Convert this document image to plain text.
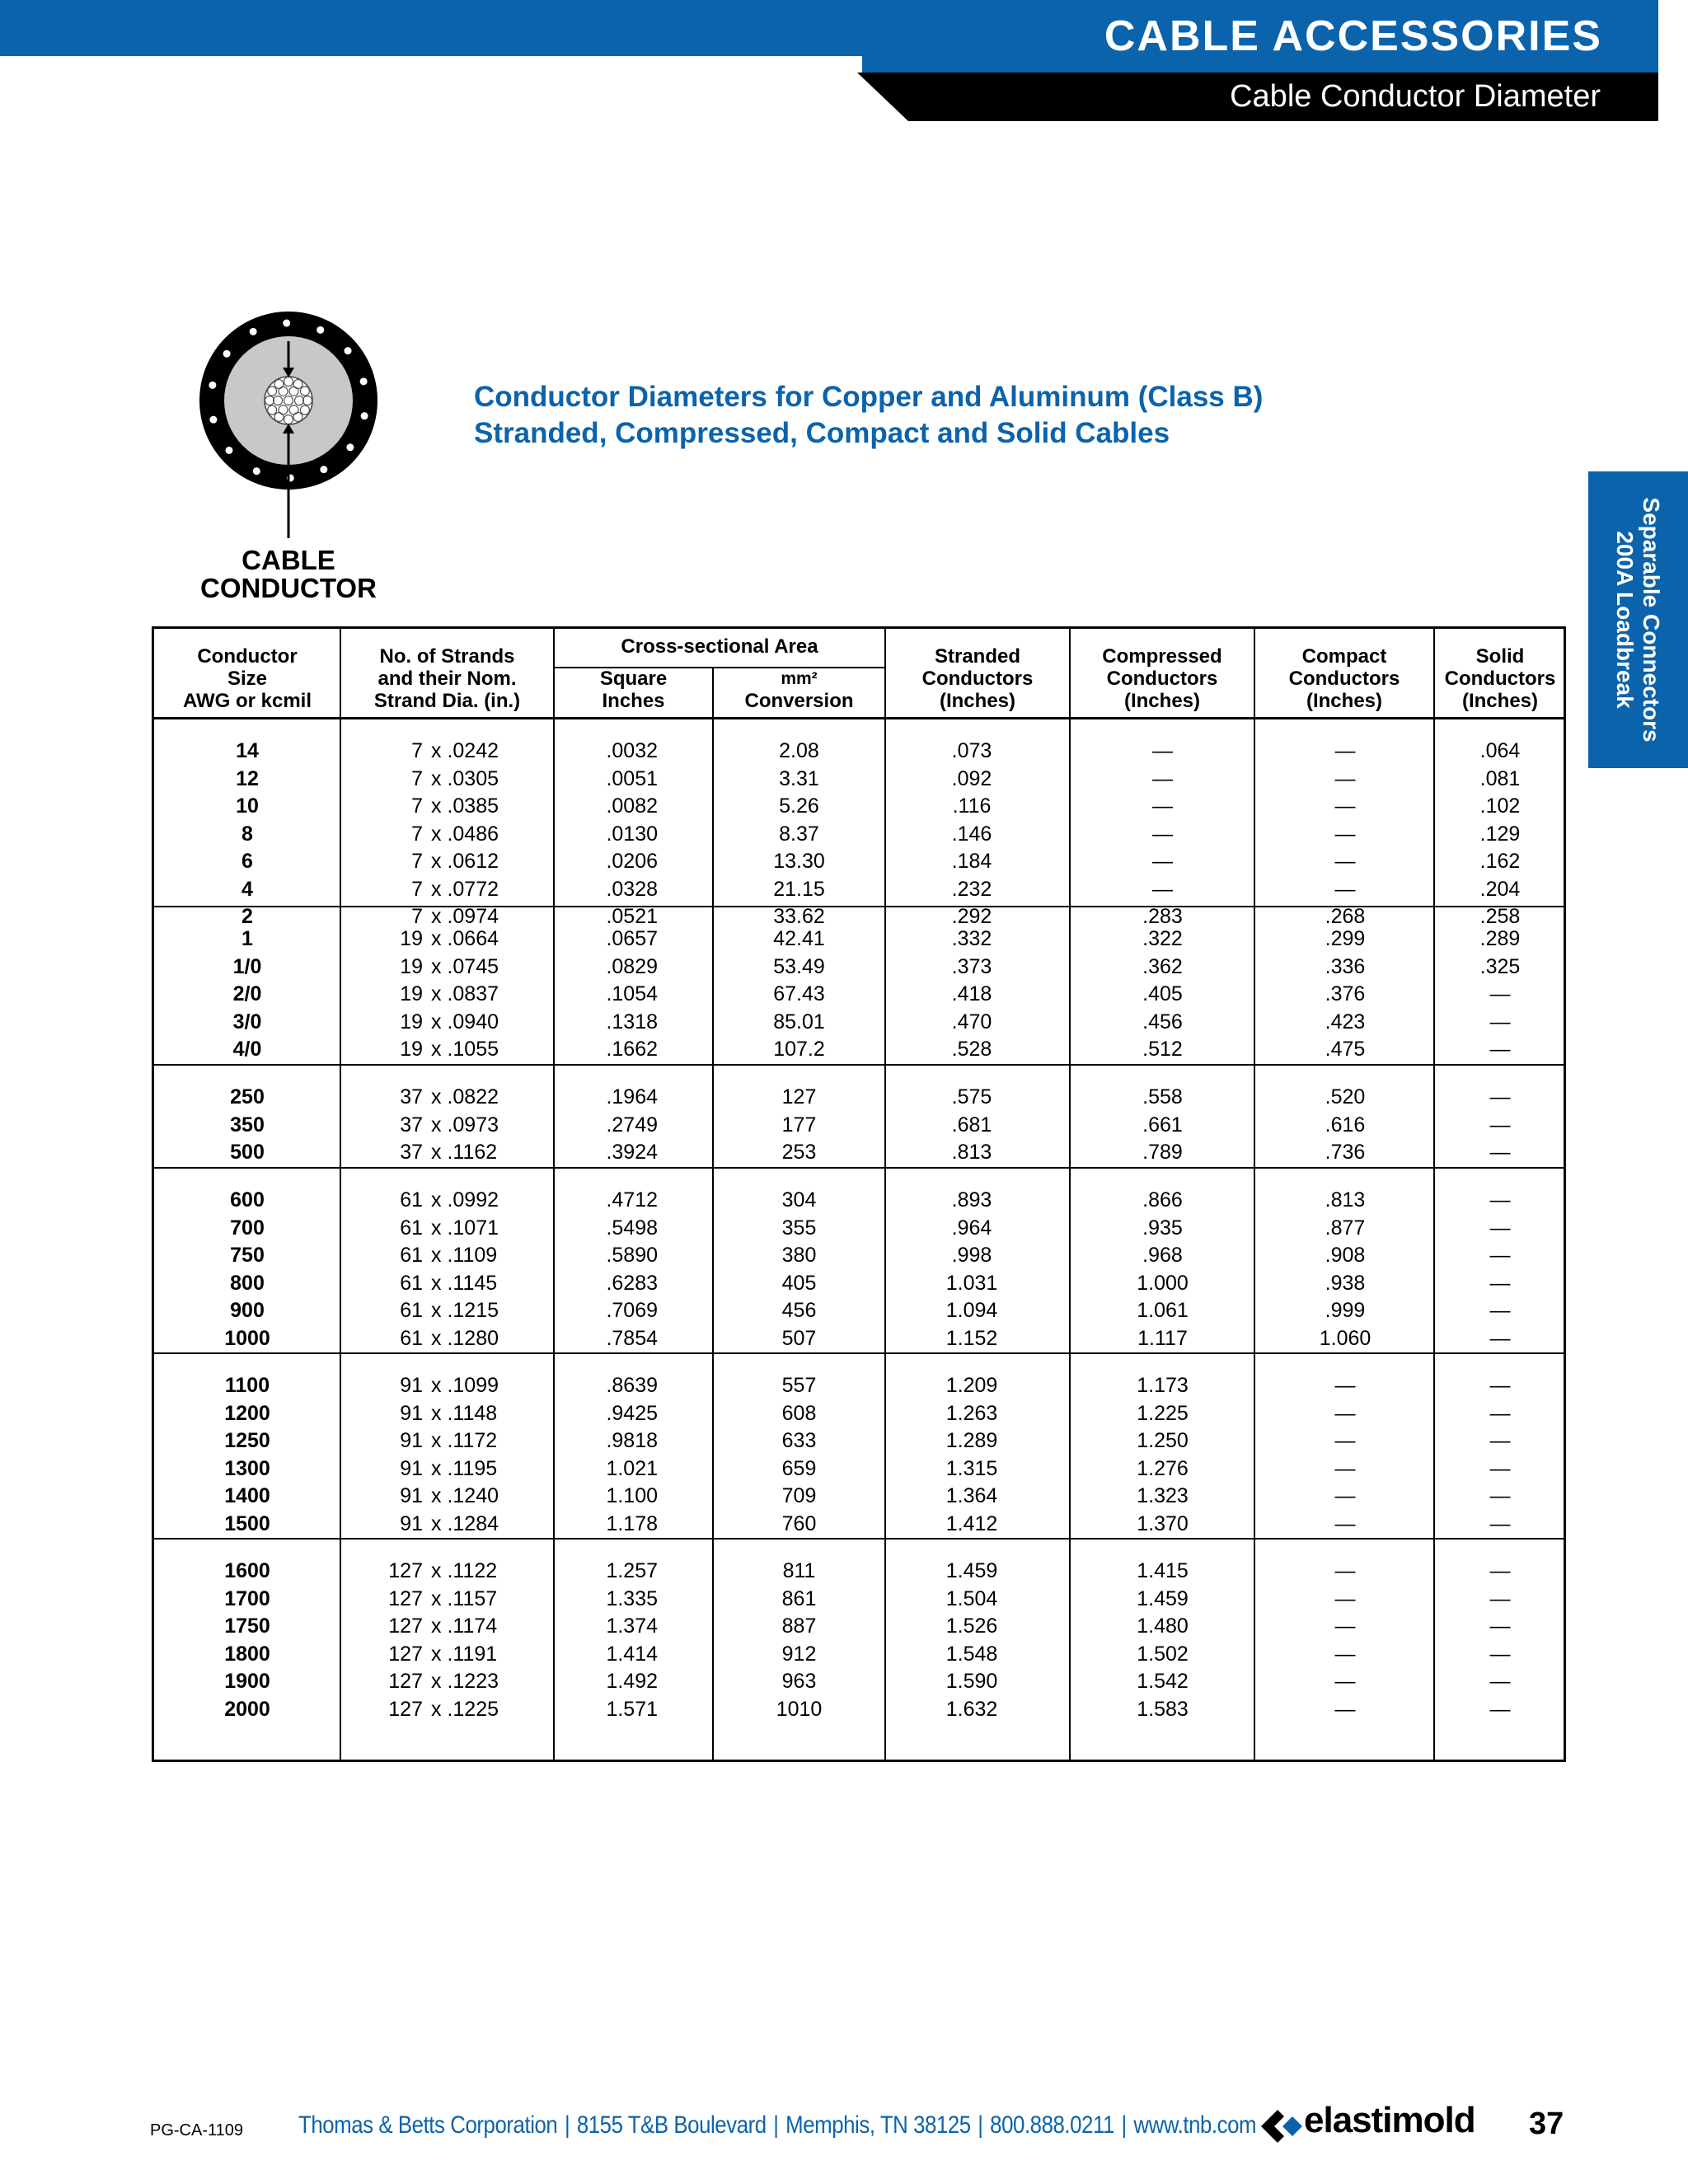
CABLE ACCESSORIES
Cable Conductor Diameter
Separable Connectors
200A Loadbreak
CABLE
CONDUCTOR
Conductor Diameters for Copper and Aluminum (Class B)
Stranded, Compressed, Compact and Solid Cables
Conductor
Size
AWG or kcmil
No. of Strands
and their Nom.
Strand Dia. (in.)
Cross-sectional Area
Square
Inches
mm²
Conversion
Stranded
Conductors
(Inches)
Compressed
Conductors
(Inches)
Compact
Conductors
(Inches)
Solid
Conductors
(Inches)
14
12
10
8
6
4
2
7
7
7
7
7
7
7
x .0242
x .0305
x .0385
x .0486
x .0612
x .0772
x .0974
.0032
.0051
.0082
.0130
.0206
.0328
.0521
2.08
3.31
5.26
8.37
13.30
21.15
33.62
.073
.092
.116
.146
.184
.232
.292
—
—
—
—
—
—
.283
—
—
—
—
—
—
.268
.064
.081
.102
.129
.162
.204
.258
1
1/0
2/0
3/0
4/0
19
19
19
19
19
x .0664
x .0745
x .0837
x .0940
x .1055
.0657
.0829
.1054
.1318
.1662
42.41
53.49
67.43
85.01
107.2
.332
.373
.418
.470
.528
.322
.362
.405
.456
.512
.299
.336
.376
.423
.475
.289
.325
—
—
—
250
350
500
37
37
37
x .0822
x .0973
x .1162
.1964
.2749
.3924
127
177
253
.575
.681
.813
.558
.661
.789
.520
.616
.736
—
—
—
600
700
750
800
900
1000
61
61
61
61
61
61
x .0992
x .1071
x .1109
x .1145
x .1215
x .1280
.4712
.5498
.5890
.6283
.7069
.7854
304
355
380
405
456
507
.893
.964
.998
1.031
1.094
1.152
.866
.935
.968
1.000
1.061
1.117
.813
.877
.908
.938
.999
1.060
—
—
—
—
—
—
1100
1200
1250
1300
1400
1500
91
91
91
91
91
91
x .1099
x .1148
x .1172
x .1195
x .1240
x .1284
.8639
.9425
.9818
1.021
1.100
1.178
557
608
633
659
709
760
1.209
1.263
1.289
1.315
1.364
1.412
1.173
1.225
1.250
1.276
1.323
1.370
—
—
—
—
—
—
—
—
—
—
—
—
1600
1700
1750
1800
1900
2000
127
127
127
127
127
127
x .1122
x .1157
x .1174
x .1191
x .1223
x .1225
1.257
1.335
1.374
1.414
1.492
1.571
811
861
887
912
963
1010
1.459
1.504
1.526
1.548
1.590
1.632
1.415
1.459
1.480
1.502
1.542
1.583
—
—
—
—
—
—
—
—
—
—
—
—
PG-CA-1109 Thomas & Betts Corporation | 8155 T&B Boulevard | Memphis, TN 38125 | 800.888.0211 | www.tnb.com elastimold 37
